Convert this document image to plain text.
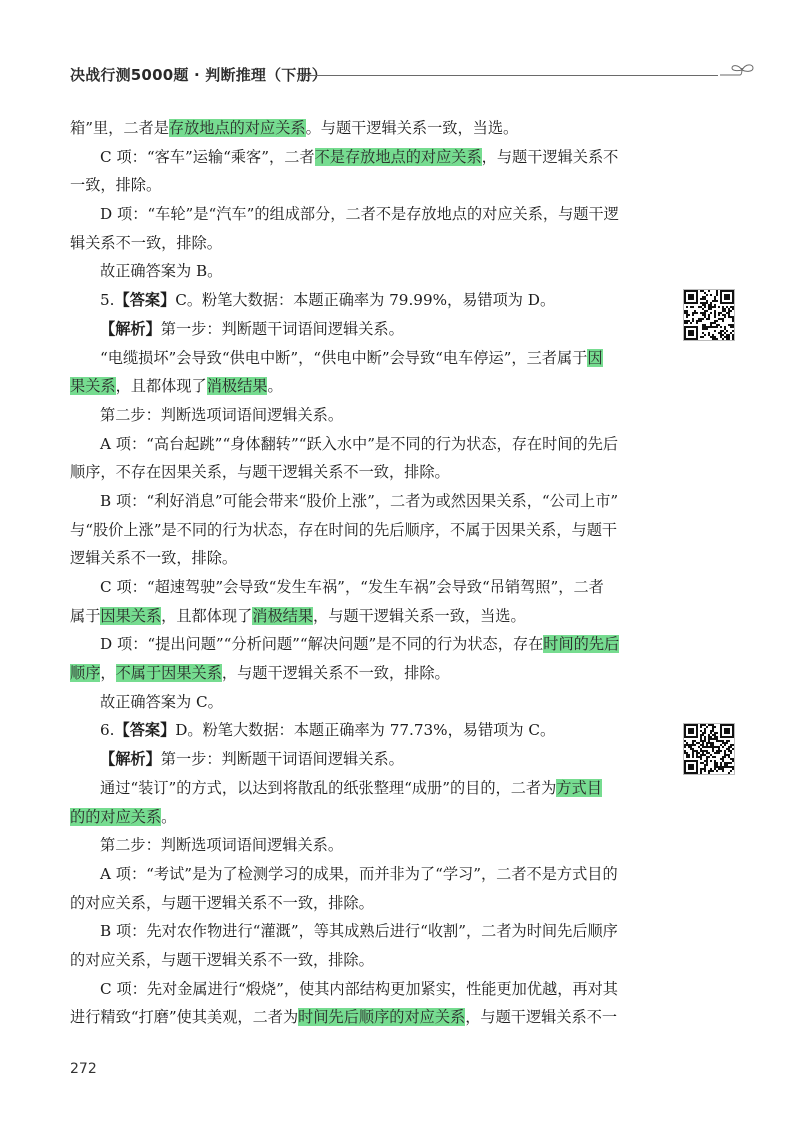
决战行测5000题 · 判断推理（下册）
箱”里，二者是存放地点的对应关系。与题干逻辑关系一致，当选。
C 项：“客车”运输“乘客”，二者不是存放地点的对应关系，与题干逻辑关系不
一致，排除。
D 项：“车轮”是“汽车”的组成部分，二者不是存放地点的对应关系，与题干逻
辑关系不一致，排除。
故正确答案为 B。
5.【答案】C。粉笔大数据：本题正确率为 79.99%，易错项为 D。
【解析】第一步：判断题干词语间逻辑关系。
“电缆损坏”会导致“供电中断”，“供电中断”会导致“电车停运”，三者属于因
果关系，且都体现了消极结果。
第二步：判断选项词语间逻辑关系。
A 项：“高台起跳”“身体翻转”“跃入水中”是不同的行为状态，存在时间的先后
顺序，不存在因果关系，与题干逻辑关系不一致，排除。
B 项：“利好消息”可能会带来“股价上涨”，二者为或然因果关系，“公司上市”
与“股价上涨”是不同的行为状态，存在时间的先后顺序，不属于因果关系，与题干
逻辑关系不一致，排除。
C 项：“超速驾驶”会导致“发生车祸”，“发生车祸”会导致“吊销驾照”，二者
属于因果关系，且都体现了消极结果，与题干逻辑关系一致，当选。
D 项：“提出问题”“分析问题”“解决问题”是不同的行为状态，存在时间的先后
顺序，不属于因果关系，与题干逻辑关系不一致，排除。
故正确答案为 C。
6.【答案】D。粉笔大数据：本题正确率为 77.73%，易错项为 C。
【解析】第一步：判断题干词语间逻辑关系。
通过“装订”的方式，以达到将散乱的纸张整理“成册”的目的，二者为方式目
的的对应关系。
第二步：判断选项词语间逻辑关系。
A 项：“考试”是为了检测学习的成果，而并非为了“学习”，二者不是方式目的
的对应关系，与题干逻辑关系不一致，排除。
B 项：先对农作物进行“灌溉”，等其成熟后进行“收割”，二者为时间先后顺序
的对应关系，与题干逻辑关系不一致，排除。
C 项：先对金属进行“煅烧”，使其内部结构更加紧实，性能更加优越，再对其
进行精致“打磨”使其美观，二者为时间先后顺序的对应关系，与题干逻辑关系不一
272
